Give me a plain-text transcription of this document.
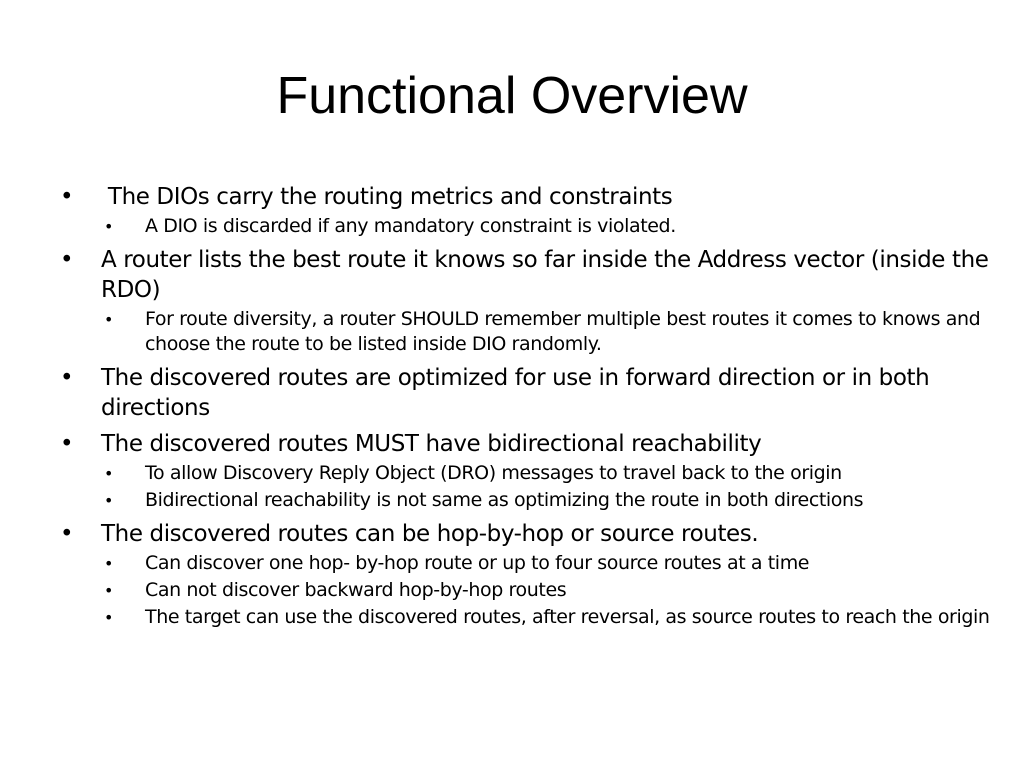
Functional Overview
• The DIOs carry the routing metrics and constraints
• A DIO is discarded if any mandatory constraint is violated.
• A router lists the best route it knows so far inside the Address vector (inside the RDO)
• For route diversity, a router SHOULD remember multiple best routes it comes to knows and choose the route to be listed inside DIO randomly.
• The discovered routes are optimized for use in forward direction or in both directions
• The discovered routes MUST have bidirectional reachability
• To allow Discovery Reply Object (DRO) messages to travel back to the origin
• Bidirectional reachability is not same as optimizing the route in both directions
• The discovered routes can be hop-by-hop or source routes.
• Can discover one hop- by-hop route or up to four source routes at a time
• Can not discover backward hop-by-hop routes
• The target can use the discovered routes, after reversal, as source routes to reach the origin
